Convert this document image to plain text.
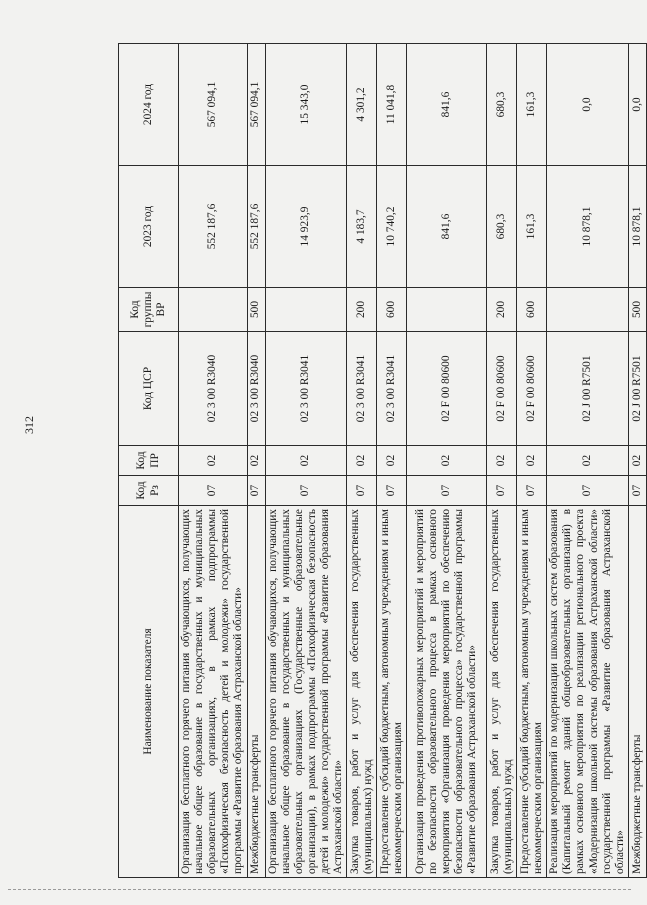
312
Наименование показателя	Код Рз	Код ПР	Код ЦСР	Код группы ВР	2023 год	2024 год
Организация бесплатного горячего питания обучающихся, получающих начальное общее образование в государственных и муниципальных образовательных организациях, в рамках подпрограммы «Психофизическая безопасность детей и молодежи» государственной программы «Развитие образования Астраханской области»	07	02	02 3 00 R3040		552 187,6	567 094,1
Межбюджетные трансферты	07	02	02 3 00 R3040	500	552 187,6	567 094,1
Организация бесплатного горячего питания обучающихся, получающих начальное общее образование в государственных и муниципальных образовательных организациях (Государственные образовательные организации), в рамках подпрограммы «Психофизическая безопасность детей и молодежи» государственной программы «Развитие образования Астраханской области»	07	02	02 3 00 R3041		14 923,9	15 343,0
Закупка товаров, работ и услуг для обеспечения государственных (муниципальных) нужд	07	02	02 3 00 R3041	200	4 183,7	4 301,2
Предоставление субсидий бюджетным, автономным учреждениям и иным некоммерческим организациям	07	02	02 3 00 R3041	600	10 740,2	11 041,8
Организация проведения противопожарных мероприятий и мероприятий по безопасности образовательного процесса в рамках основного мероприятия «Организация проведения мероприятий по обеспечению безопасности образовательного процесса» государственной программы «Развитие образования Астраханской области»	07	02	02 F 00 80600		841,6	841,6
Закупка товаров, работ и услуг для обеспечения государственных (муниципальных) нужд	07	02	02 F 00 80600	200	680,3	680,3
Предоставление субсидий бюджетным, автономным учреждениям и иным некоммерческим организациям	07	02	02 F 00 80600	600	161,3	161,3
Реализация мероприятий по модернизации школьных систем образования (Капитальный ремонт зданий общеобразовательных организаций) в рамках основного мероприятия по реализации регионального проекта «Модернизация школьной системы образования Астраханской области» государственной программы «Развитие образования Астраханской области»	07	02	02 J 00 R7501		10 878,1	0,0
Межбюджетные трансферты	07	02	02 J 00 R7501	500	10 878,1	0,0
